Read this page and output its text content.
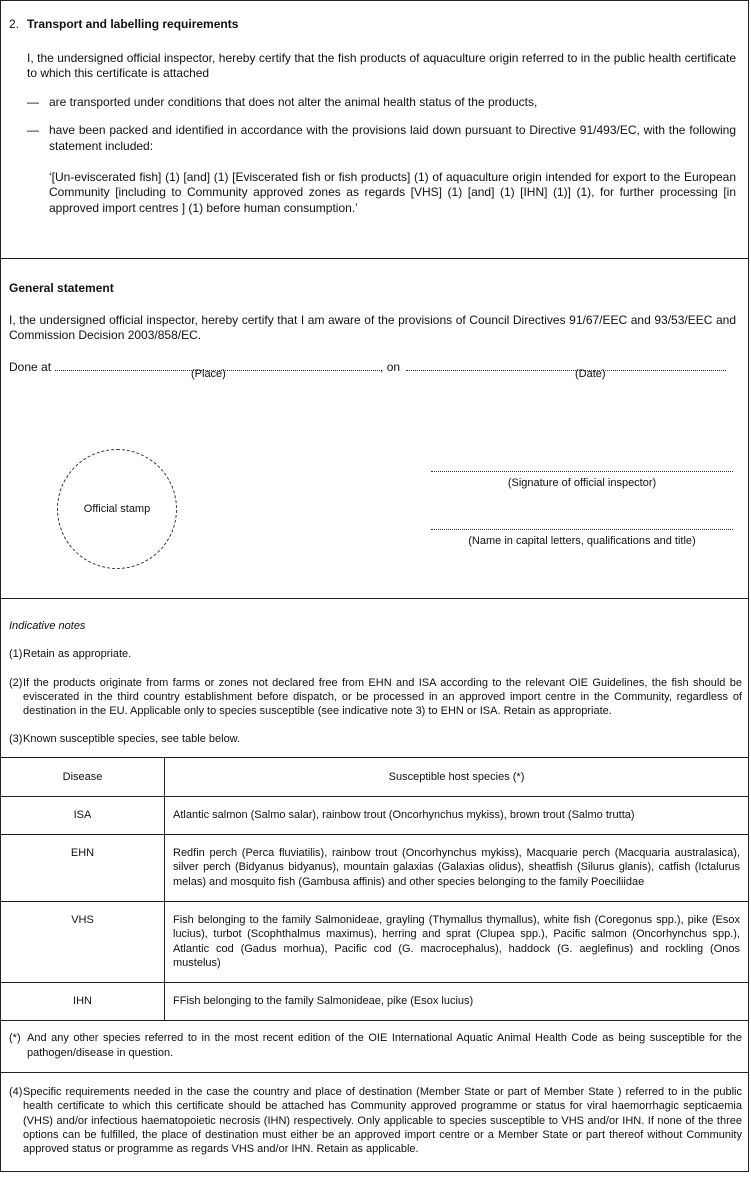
2. Transport and labelling requirements

I, the undersigned official inspector, hereby certify that the fish products of aquaculture origin referred to in the public health certificate to which this certificate is attached

— are transported under conditions that does not alter the animal health status of the products,

— have been packed and identified in accordance with the provisions laid down pursuant to Directive 91/493/EC, with the following statement included:

‘[Un-eviscerated fish] (1) [and] (1) [Eviscerated fish or fish products] (1) of aquaculture origin intended for export to the European Community [including to Community approved zones as regards [VHS] (1) [and] (1) [IHN] (1)] (1), for further processing [in approved import centres ] (1) before human consumption.’

General statement

I, the undersigned official inspector, hereby certify that I am aware of the provisions of Council Directives 91/67/EEC and 93/53/EEC and Commission Decision 2003/858/EC.

Done at	, on
(Place)	(Date)
Official stamp
(Signature of official inspector)
(Name in capital letters, qualifications and title)

Indicative notes

(1) Retain as appropriate.

(2) If the products originate from farms or zones not declared free from EHN and ISA according to the relevant OIE Guidelines, the fish should be eviscerated in the third country establishment before dispatch, or be processed in an approved import centre in the Community, regardless of destination in the EU. Applicable only to species susceptible (see indicative note 3) to EHN or ISA. Retain as appropriate.

(3) Known susceptible species, see table below.

Disease	Susceptible host species (*)
ISA	Atlantic salmon (Salmo salar), rainbow trout (Oncorhynchus mykiss), brown trout (Salmo trutta)
EHN	Redfin perch (Perca fluviatilis), rainbow trout (Oncorhynchus mykiss), Macquarie perch (Macquaria australasica), silver perch (Bidyanus bidyanus), mountain galaxias (Galaxias olidus), sheatfish (Silurus glanis), catfish (Ictalurus melas) and mosquito fish (Gambusa affinis) and other species belonging to the family Poeciliidae
VHS	Fish belonging to the family Salmonideae, grayling (Thymallus thymallus), white fish (Coregonus spp.), pike (Esox lucius), turbot (Scophthalmus maximus), herring and sprat (Clupea spp.), Pacific salmon (Oncorhynchus spp.), Atlantic cod (Gadus morhua), Pacific cod (G. macrocephalus), haddock (G. aeglefinus) and rockling (Onos mustelus)
IHN	FFish belonging to the family Salmonideae, pike (Esox lucius)
(*) And any other species referred to in the most recent edition of the OIE International Aquatic Animal Health Code as being susceptible for the pathogen/disease in question.

(4) Specific requirements needed in the case the country and place of destination (Member State or part of Member State ) referred to in the public health certificate to which this certificate should be attached has Community approved programme or status for viral haemorrhagic septicaemia (VHS) and/or infectious haematopoietic necrosis (IHN) respectively. Only applicable to species susceptible to VHS and/or IHN. If none of the three options can be fulfilled, the place of destination must either be an approved import centre or a Member State or part thereof without Community approved status or programme as regards VHS and/or IHN. Retain as applicable.
